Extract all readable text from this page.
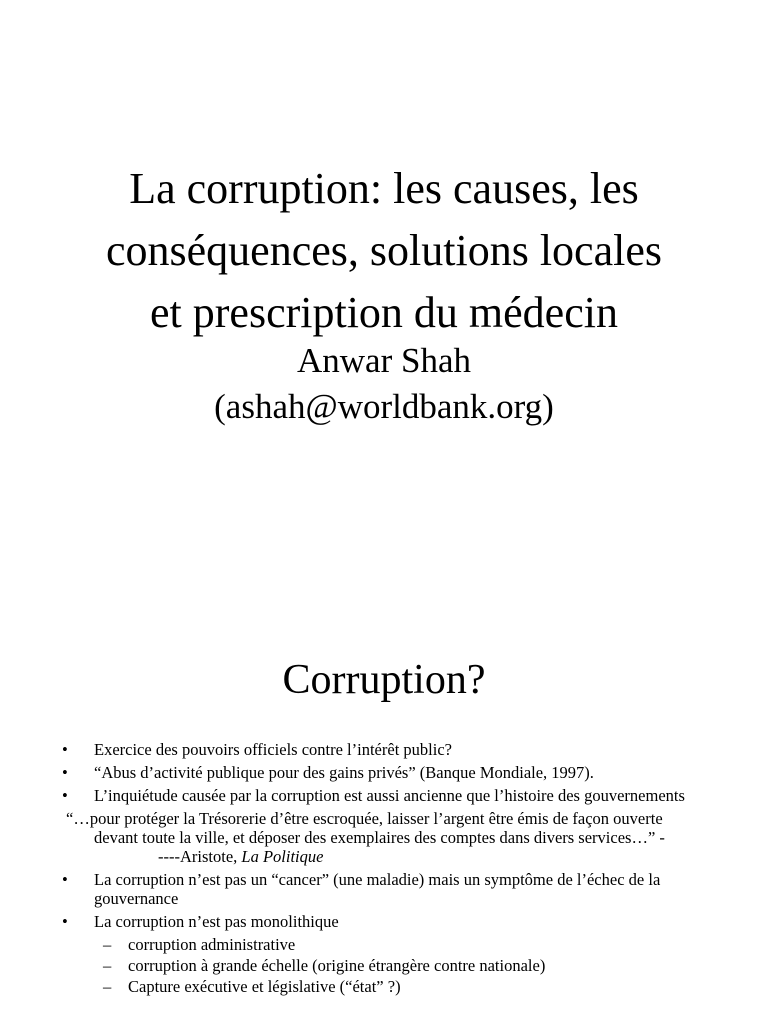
La corruption: les causes, les
conséquences, solutions locales
et prescription du médecin
Anwar Shah
(ashah@worldbank.org)
Corruption?
• Exercice des pouvoirs officiels contre l’intérêt public?
• “Abus d’activité publique pour des gains privés” (Banque Mondiale, 1997).
• L’inquiétude causée par la corruption est aussi ancienne que l’histoire des gouvernements
“…pour protéger la Trésorerie d’être escroquée, laisser l’argent être émis de façon ouverte devant toute la ville, et déposer des exemplaires des comptes dans divers services…” -----Aristote, La Politique
• La corruption n’est pas un “cancer” (une maladie) mais un symptôme de l’échec de la gouvernance
• La corruption n’est pas monolithique
– corruption administrative
– corruption à grande échelle (origine étrangère contre nationale)
– Capture exécutive et législative (“état” ?)
